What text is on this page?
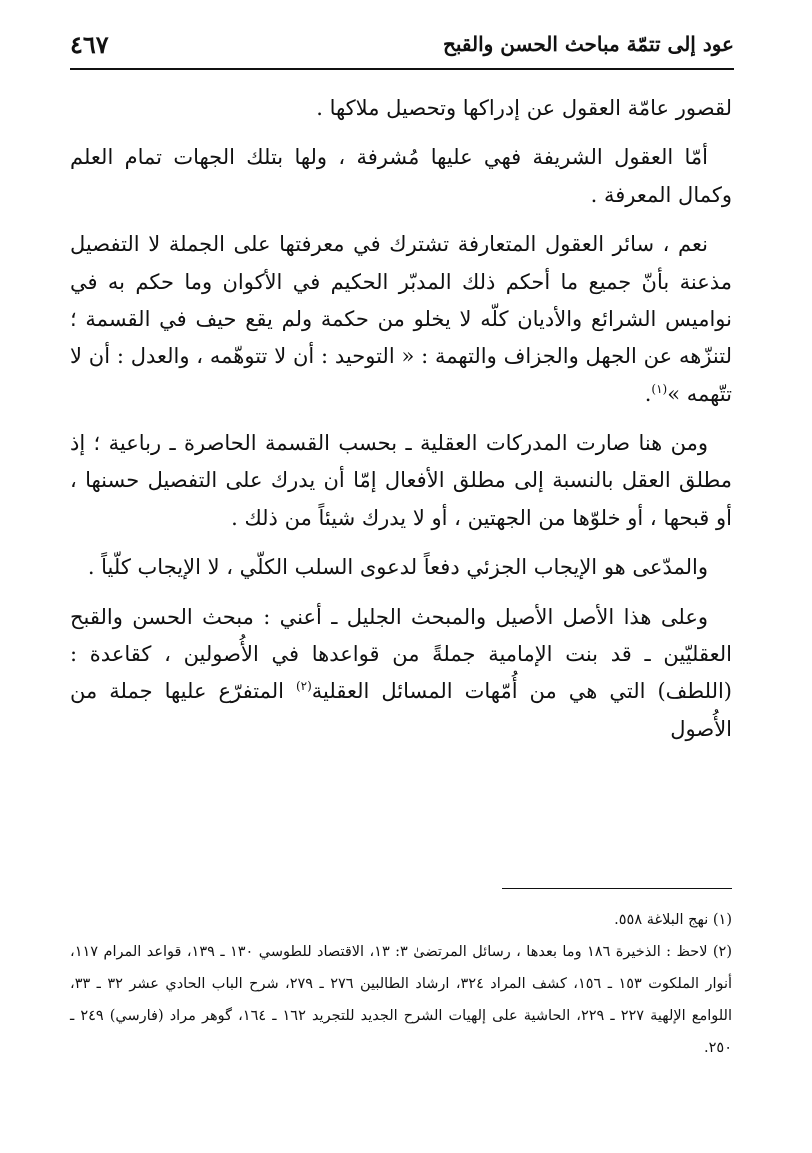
عود إلى تتمّة مباحث الحسن والقبح
٤٦٧

لقصور عامّة العقول عن إدراكها وتحصيل ملاكها .

أمّا العقول الشريفة فهي عليها مُشرفة ، ولها بتلك الجهات تمام العلم وكمال المعرفة .

نعم ، سائر العقول المتعارفة تشترك في معرفتها على الجملة لا التفصيل مذعنة بأنّ جميع ما أحكم ذلك المدبّر الحكيم في الأكوان وما حكم به في نواميس الشرائع والأديان كلّه لا يخلو من حكمة ولم يقع حيف في القسمة ؛ لتنزّهه عن الجهل والجزاف والتهمة : « التوحيد : أن لا تتوهّمه ، والعدل : أن لا تتّهمه »$^{(١)}$.

ومن هنا صارت المدركات العقلية ـ بحسب القسمة الحاصرة ـ رباعية ؛ إذ مطلق العقل بالنسبة إلى مطلق الأفعال إمّا أن يدرك على التفصيل حسنها ، أو قبحها ، أو خلوّها من الجهتين ، أو لا يدرك شيئاً من ذلك .

والمدّعى هو الإيجاب الجزئي دفعاً لدعوى السلب الكلّي ، لا الإيجاب كلّياً .

وعلى هذا الأصل الأصيل والمبحث الجليل ـ أعني : مبحث الحسن والقبح العقليّين ـ قد بنت الإمامية جملةً من قواعدها في الأُصولين ، كقاعدة : (اللطف) التي هي من أُمّهات المسائل العقلية$^{(٢)}$ المتفرّع عليها جملة من الأُصول

(١) نهج البلاغة ٥٥٨.

(٢) لاحظ : الذخيرة ١٨٦ وما بعدها ، رسائل المرتضىٰ ٣: ١٣، الاقتصاد للطوسي ١٣٠ ـ ١٣٩، قواعد المرام ١١٧، أنوار الملكوت ١٥٣ ـ ١٥٦، كشف المراد ٣٢٤، ارشاد الطالبين ٢٧٦ ـ ٢٧٩، شرح الباب الحادي عشر ٣٢ ـ ٣٣، اللوامع الإلهية ٢٢٧ ـ ٢٢٩، الحاشية على إلهيات الشرح الجديد للتجريد ١٦٢ ـ ١٦٤، گوهر مراد (فارسي) ٢٤٩ ـ ٢٥٠.
